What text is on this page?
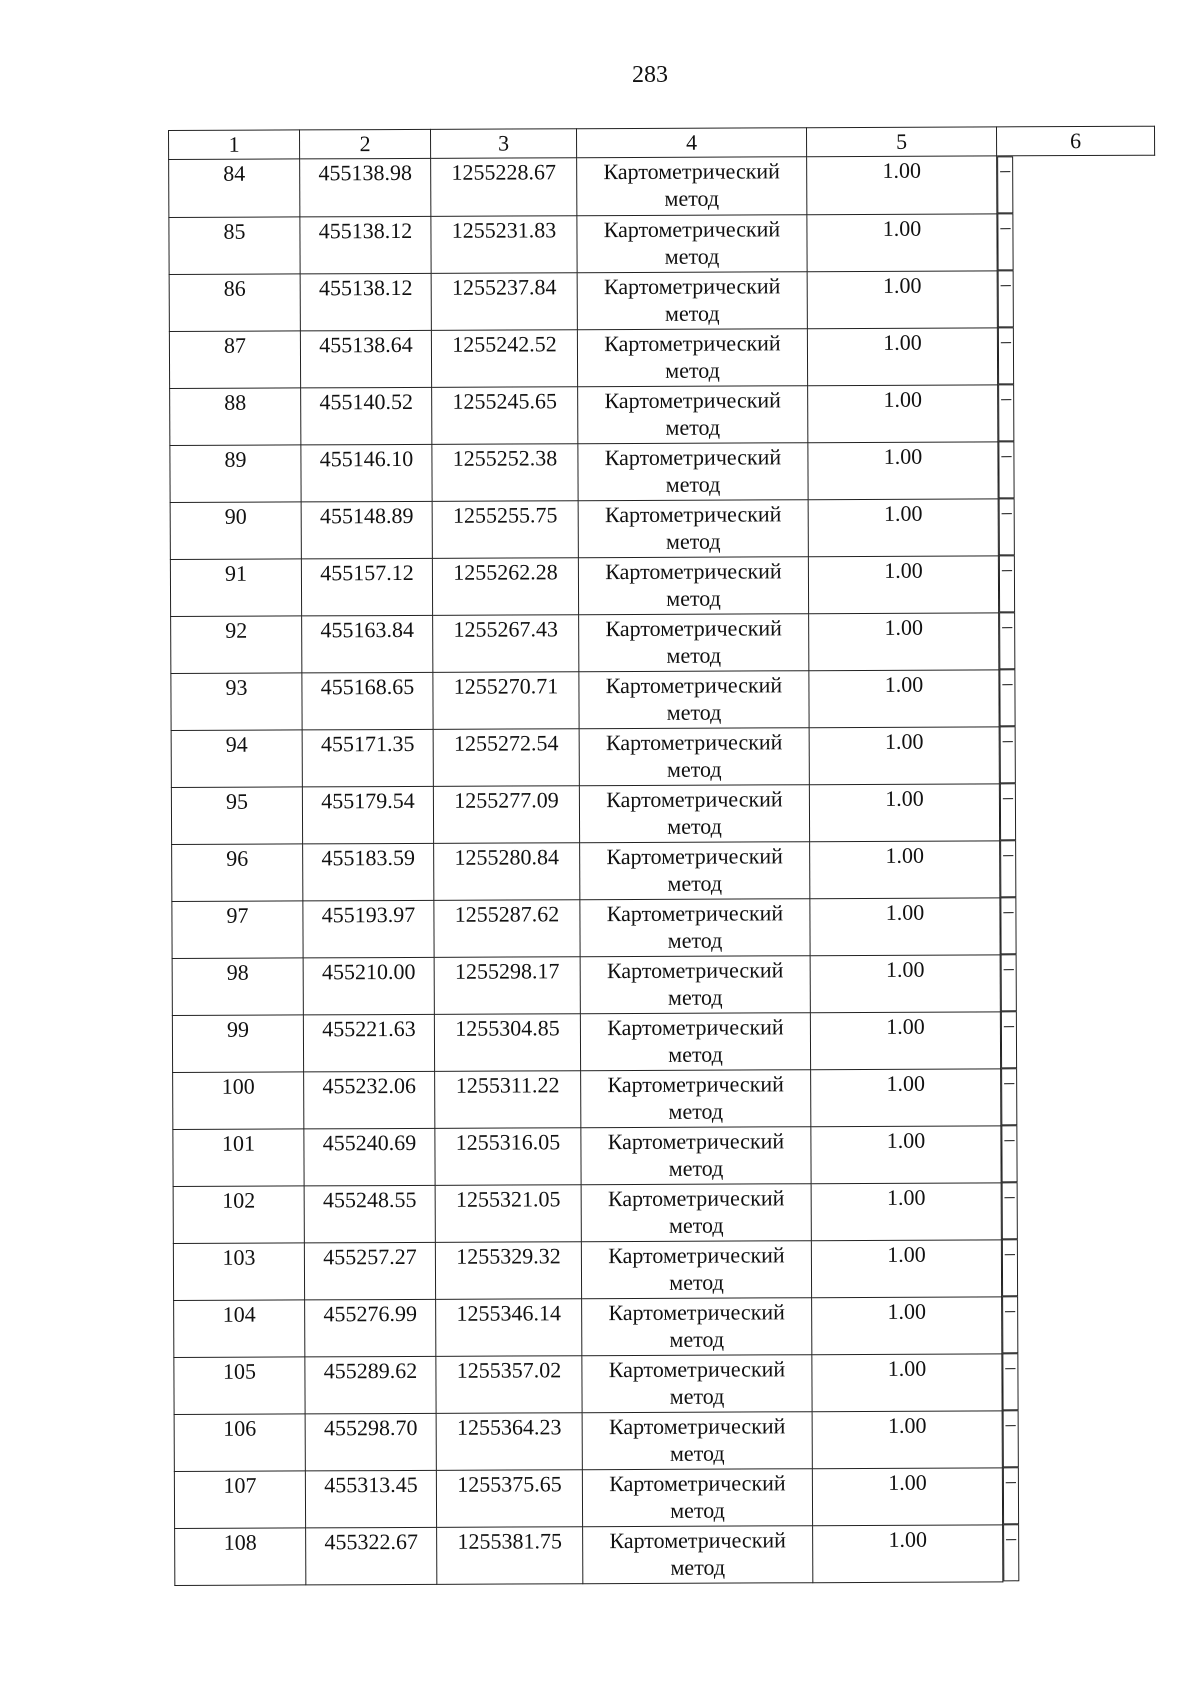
283
1	2	3	4	5	6
84	455138.98	1255228.67	Картометрический метод	1.00		–
85	455138.12	1255231.83	Картометрический метод	1.00		–
86	455138.12	1255237.84	Картометрический метод	1.00		–
87	455138.64	1255242.52	Картометрический метод	1.00		–
88	455140.52	1255245.65	Картометрический метод	1.00		–
89	455146.10	1255252.38	Картометрический метод	1.00		–
90	455148.89	1255255.75	Картометрический метод	1.00		–
91	455157.12	1255262.28	Картометрический метод	1.00		–
92	455163.84	1255267.43	Картометрический метод	1.00		–
93	455168.65	1255270.71	Картометрический метод	1.00		–
94	455171.35	1255272.54	Картометрический метод	1.00		–
95	455179.54	1255277.09	Картометрический метод	1.00		–
96	455183.59	1255280.84	Картометрический метод	1.00		–
97	455193.97	1255287.62	Картометрический метод	1.00		–
98	455210.00	1255298.17	Картометрический метод	1.00		–
99	455221.63	1255304.85	Картометрический метод	1.00		–
100	455232.06	1255311.22	Картометрический метод	1.00		–
101	455240.69	1255316.05	Картометрический метод	1.00		–
102	455248.55	1255321.05	Картометрический метод	1.00		–
103	455257.27	1255329.32	Картометрический метод	1.00		–
104	455276.99	1255346.14	Картометрический метод	1.00		–
105	455289.62	1255357.02	Картометрический метод	1.00		–
106	455298.70	1255364.23	Картометрический метод	1.00		–
107	455313.45	1255375.65	Картометрический метод	1.00		–
108	455322.67	1255381.75	Картометрический метод	1.00		–
